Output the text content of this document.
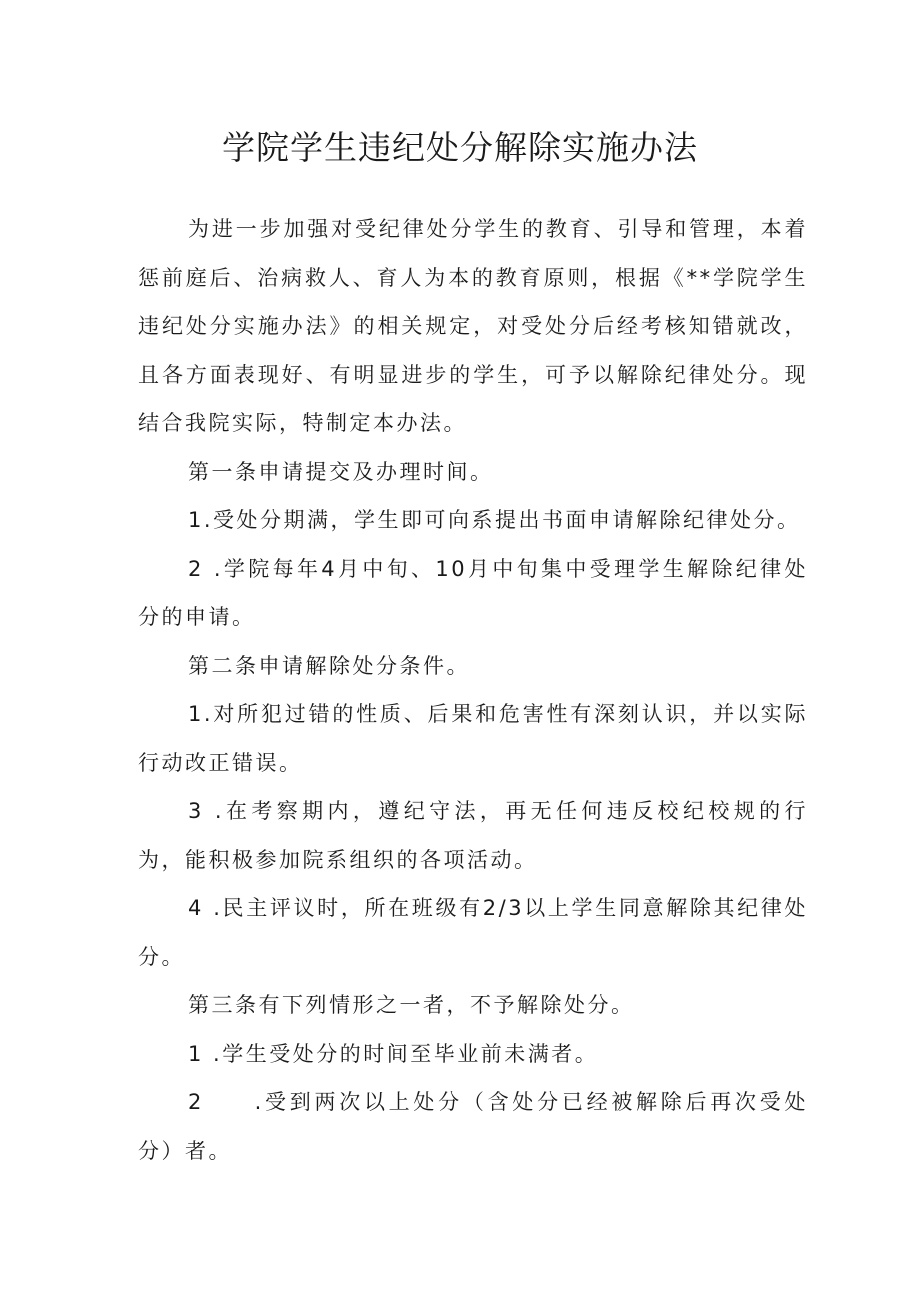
学院学生违纪处分解除实施办法

为进一步加强对受纪律处分学生的教育、引导和管理，本着惩前庭后、治病救人、育人为本的教育原则，根据《**学院学生违纪处分实施办法》的相关规定，对受处分后经考核知错就改，且各方面表现好、有明显进步的学生，可予以解除纪律处分。现结合我院实际，特制定本办法。

第一条申请提交及办理时间。

1.受处分期满，学生即可向系提出书面申请解除纪律处分。

2 .学院每年4月中旬、10月中旬集中受理学生解除纪律处分的申请。

第二条申请解除处分条件。

1.对所犯过错的性质、后果和危害性有深刻认识，并以实际行动改正错误。

3 .在考察期内，遵纪守法，再无任何违反校纪校规的行为，能积极参加院系组织的各项活动。

4 .民主评议时，所在班级有2/3以上学生同意解除其纪律处分。

第三条有下列情形之一者，不予解除处分。

1 .学生受处分的时间至毕业前未满者。

2　　.受到两次以上处分（含处分已经被解除后再次受处分）者。
